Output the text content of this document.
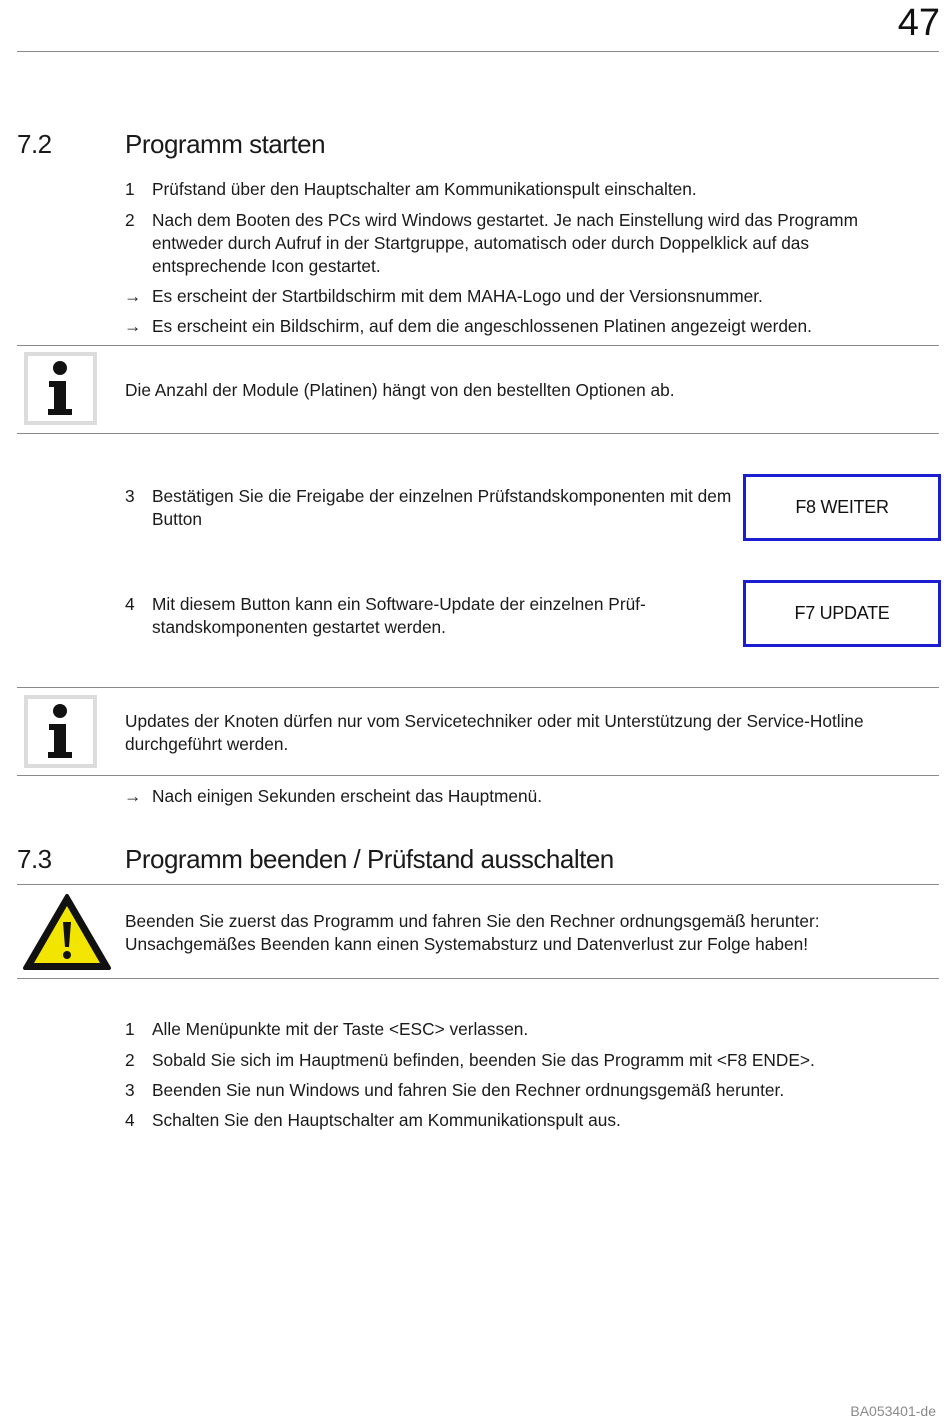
47
7.2	Programm starten
1	Prüfstand über den Hauptschalter am Kommunikationspult einschalten.
2	Nach dem Booten des PCs wird Windows gestartet. Je nach Einstellung wird das Programm entweder durch Aufruf in der Startgruppe, automatisch oder durch Doppelklick auf das entsprechende Icon gestartet.
→ Es erscheint der Startbildschirm mit dem MAHA-Logo und der Versionsnummer.
→ Es erscheint ein Bildschirm, auf dem die angeschlossenen Platinen angezeigt werden.
Die Anzahl der Module (Platinen) hängt von den bestellten Optionen ab.
3	Bestätigen Sie die Freigabe der einzelnen Prüfstandskomponenten mit dem Button
F8 WEITER
4	Mit diesem Button kann ein Software-Update der einzelnen Prüf-standskomponenten gestartet werden.
F7 UPDATE
Updates der Knoten dürfen nur vom Servicetechniker oder mit Unterstützung der Service-Hotline durchgeführt werden.
→ Nach einigen Sekunden erscheint das Hauptmenü.
7.3	Programm beenden / Prüfstand ausschalten
Beenden Sie zuerst das Programm und fahren Sie den Rechner ordnungsgemäß herunter: Unsachgemäßes Beenden kann einen Systemabsturz und Datenverlust zur Folge haben!
1	Alle Menüpunkte mit der Taste <ESC> verlassen.
2	Sobald Sie sich im Hauptmenü befinden, beenden Sie das Programm mit <F8 ENDE>.
3	Beenden Sie nun Windows und fahren Sie den Rechner ordnungsgemäß herunter.
4	Schalten Sie den Hauptschalter am Kommunikationspult aus.
BA053401-de
